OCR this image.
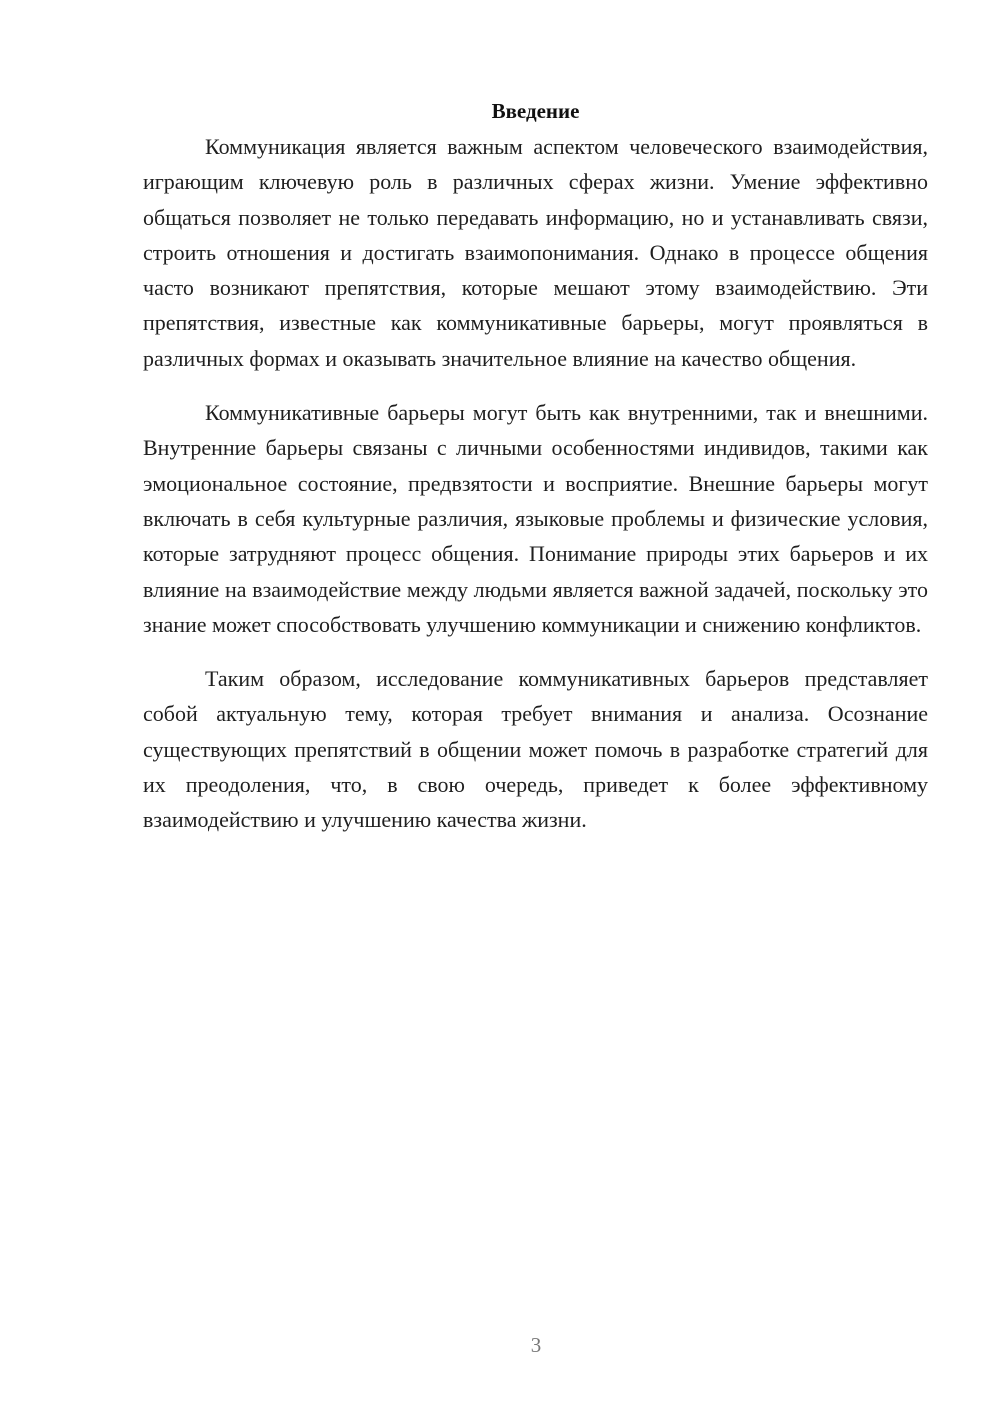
Введение

Коммуникация является важным аспектом человеческого взаимодействия, играющим ключевую роль в различных сферах жизни. Умение эффективно общаться позволяет не только передавать информацию, но и устанавливать связи, строить отношения и достигать взаимопонимания. Однако в процессе общения часто возникают препятствия, которые мешают этому взаимодействию. Эти препятствия, известные как коммуникативные барьеры, могут проявляться в различных формах и оказывать значительное влияние на качество общения.

Коммуникативные барьеры могут быть как внутренними, так и внешними. Внутренние барьеры связаны с личными особенностями индивидов, такими как эмоциональное состояние, предвзятости и восприятие. Внешние барьеры могут включать в себя культурные различия, языковые проблемы и физические условия, которые затрудняют процесс общения. Понимание природы этих барьеров и их влияние на взаимодействие между людьми является важной задачей, поскольку это знание может способствовать улучшению коммуникации и снижению конфликтов.

Таким образом, исследование коммуникативных барьеров представляет собой актуальную тему, которая требует внимания и анализа. Осознание существующих препятствий в общении может помочь в разработке стратегий для их преодоления, что, в свою очередь, приведет к более эффективному взаимодействию и улучшению качества жизни.

3
